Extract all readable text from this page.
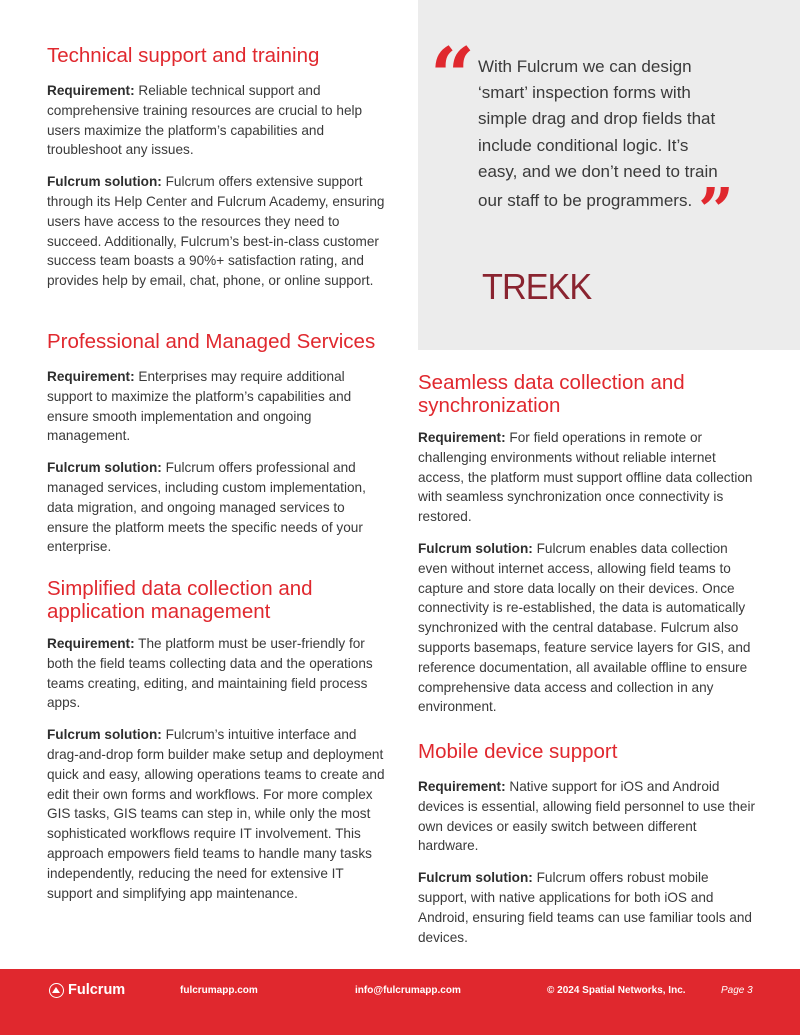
“ With Fulcrum we can design ‘smart’ inspection forms with simple drag and drop fields that include conditional logic. It’s easy, and we don’t need to train our staff to be programmers.”

TREKK
Technical support and training

Requirement: Reliable technical support and comprehensive training resources are crucial to help users maximize the platform’s capabilities and troubleshoot any issues.

Fulcrum solution: Fulcrum offers extensive support through its Help Center and Fulcrum Academy, ensuring users have access to the resources they need to succeed. Additionally, Fulcrum’s best-in-class customer success team boasts a 90%+ satisfaction rating, and provides help by email, chat, phone, or online support.

Professional and Managed Services

Requirement: Enterprises may require additional support to maximize the platform’s capabilities and ensure smooth implementation and ongoing management.

Fulcrum solution: Fulcrum offers professional and managed services, including custom implementation, data migration, and ongoing managed services to ensure the platform meets the specific needs of your enterprise.

Simplified data collection and application management

Requirement: The platform must be user-friendly for both the field teams collecting data and the operations teams creating, editing, and maintaining field process apps.

Fulcrum solution: Fulcrum’s intuitive interface and drag-and-drop form builder make setup and deployment quick and easy, allowing operations teams to create and edit their own forms and workflows. For more complex GIS tasks, GIS teams can step in, while only the most sophisticated workflows require IT involvement. This approach empowers field teams to handle many tasks independently, reducing the need for extensive IT support and simplifying app maintenance.

Seamless data collection and synchronization

Requirement: For field operations in remote or challenging environments without reliable internet access, the platform must support offline data collection with seamless synchronization once connectivity is restored.

Fulcrum solution: Fulcrum enables data collection even without internet access, allowing field teams to capture and store data locally on their devices. Once connectivity is re-established, the data is automatically synchronized with the central database. Fulcrum also supports basemaps, feature service layers for GIS, and reference documentation, all available offline to ensure comprehensive data access and collection in any environment.

Mobile device support

Requirement: Native support for iOS and Android devices is essential, allowing field personnel to use their own devices or easily switch between different hardware.

Fulcrum solution: Fulcrum offers robust mobile support, with native applications for both iOS and Android, ensuring field teams can use familiar tools and devices.

Fulcrum	fulcrumapp.com	info@fulcrumapp.com	© 2024 Spatial Networks, Inc.	Page 3
